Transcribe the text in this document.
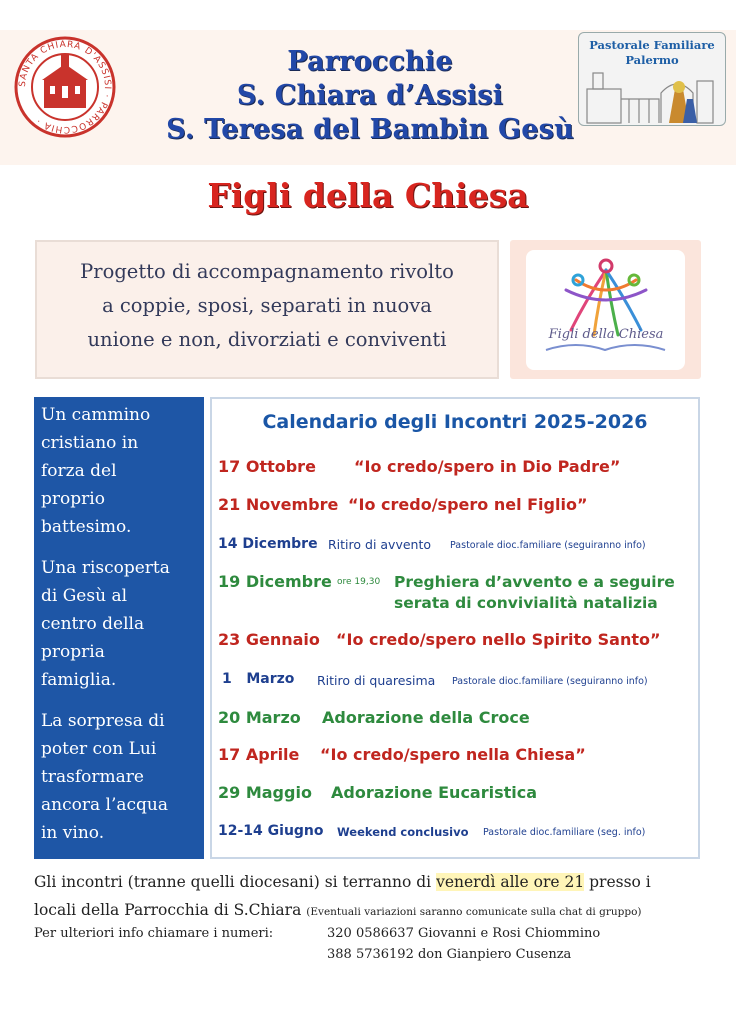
SANTA CHIARA D'ASSISI · PARROCCHIA ·
Pastorale Familiare
Palermo
Parrocchie
S. Chiara d’Assisi
S. Teresa del Bambin Gesù
Figli della Chiesa
Progetto di accompagnamento rivolto
a coppie, sposi, separati in nuova
unione e non, divorziati e conviventi	Figli della Chiesa
Un cammino
cristiano in
forza del
proprio
battesimo.
Una riscoperta
di Gesù al
centro della
propria
famiglia.
La sorpresa di
poter con Lui
trasformare
ancora l’acqua
in vino.
Calendario degli Incontri 2025-2026
17 Ottobre “Io credo/spero in Dio Padre”
21 Novembre “Io credo/spero nel Figlio”
14 Dicembre Ritiro di avvento Pastorale dioc.familiare (seguiranno info)
19 Dicembre ore 19,30 Preghiera d’avvento e a seguire
serata di convivialità natalizia
23 Gennaio “Io credo/spero nello Spirito Santo”
1   Marzo Ritiro di quaresima Pastorale dioc.familiare (seguiranno info)
20 Marzo Adorazione della Croce
17 Aprile “Io credo/spero nella Chiesa”
29 Maggio Adorazione Eucaristica
12-14 Giugno Weekend conclusivo Pastorale dioc.familiare (seg. info)
Gli incontri (tranne quelli diocesani) si terranno di venerdì alle ore 21 presso i
locali della Parrocchia di S.Chiara (Eventuali variazioni saranno comunicate sulla chat di gruppo)
Per ulteriori info chiamare i numeri:	320 0586637 Giovanni e Rosi Chiommino
388 5736192 don Gianpiero Cusenza
